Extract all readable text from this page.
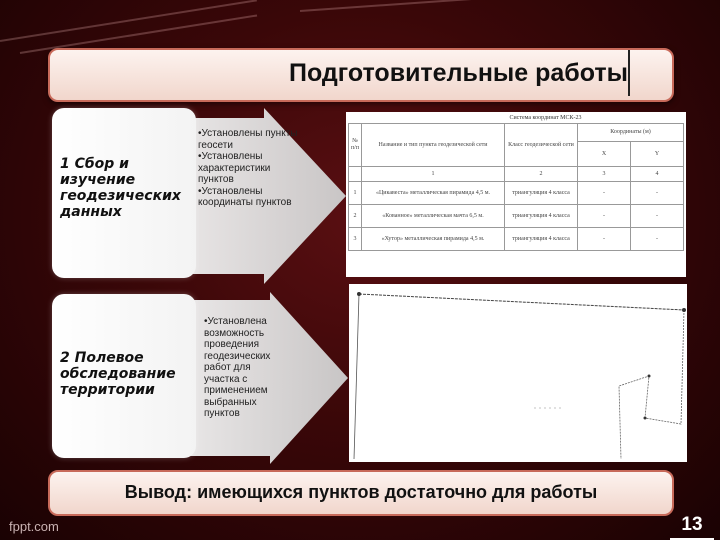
Подготовительные работы
1 Сбор и изучение геодезических данных
•Установлены пункты геосети
•Установлены характеристики пунктов
•Установлены координаты пунктов
2 Полевое обследование территории
•Установлена возможность проведения геодезических работ для участка с применением выбранных пунктов
Система координат МСК-23				
№ п/п	Название и тип пункта геодезической сети	Класс геодезической сети	Координаты (м)	
			X	Y
	1	2	3	4
1	«Цикавеста» металлическая пирамида 4,5 м.	триангуляция 4 класса	-	-
2	«Кованное» металлическая мачта 6,5 м.	триангуляция 4 класса	-	-
3	«Хутор» металлическая пирамида 4,5 м.	триангуляция 4 класса	-	-
Вывод: имеющихся пунктов достаточно для работы
fppt.com	13
